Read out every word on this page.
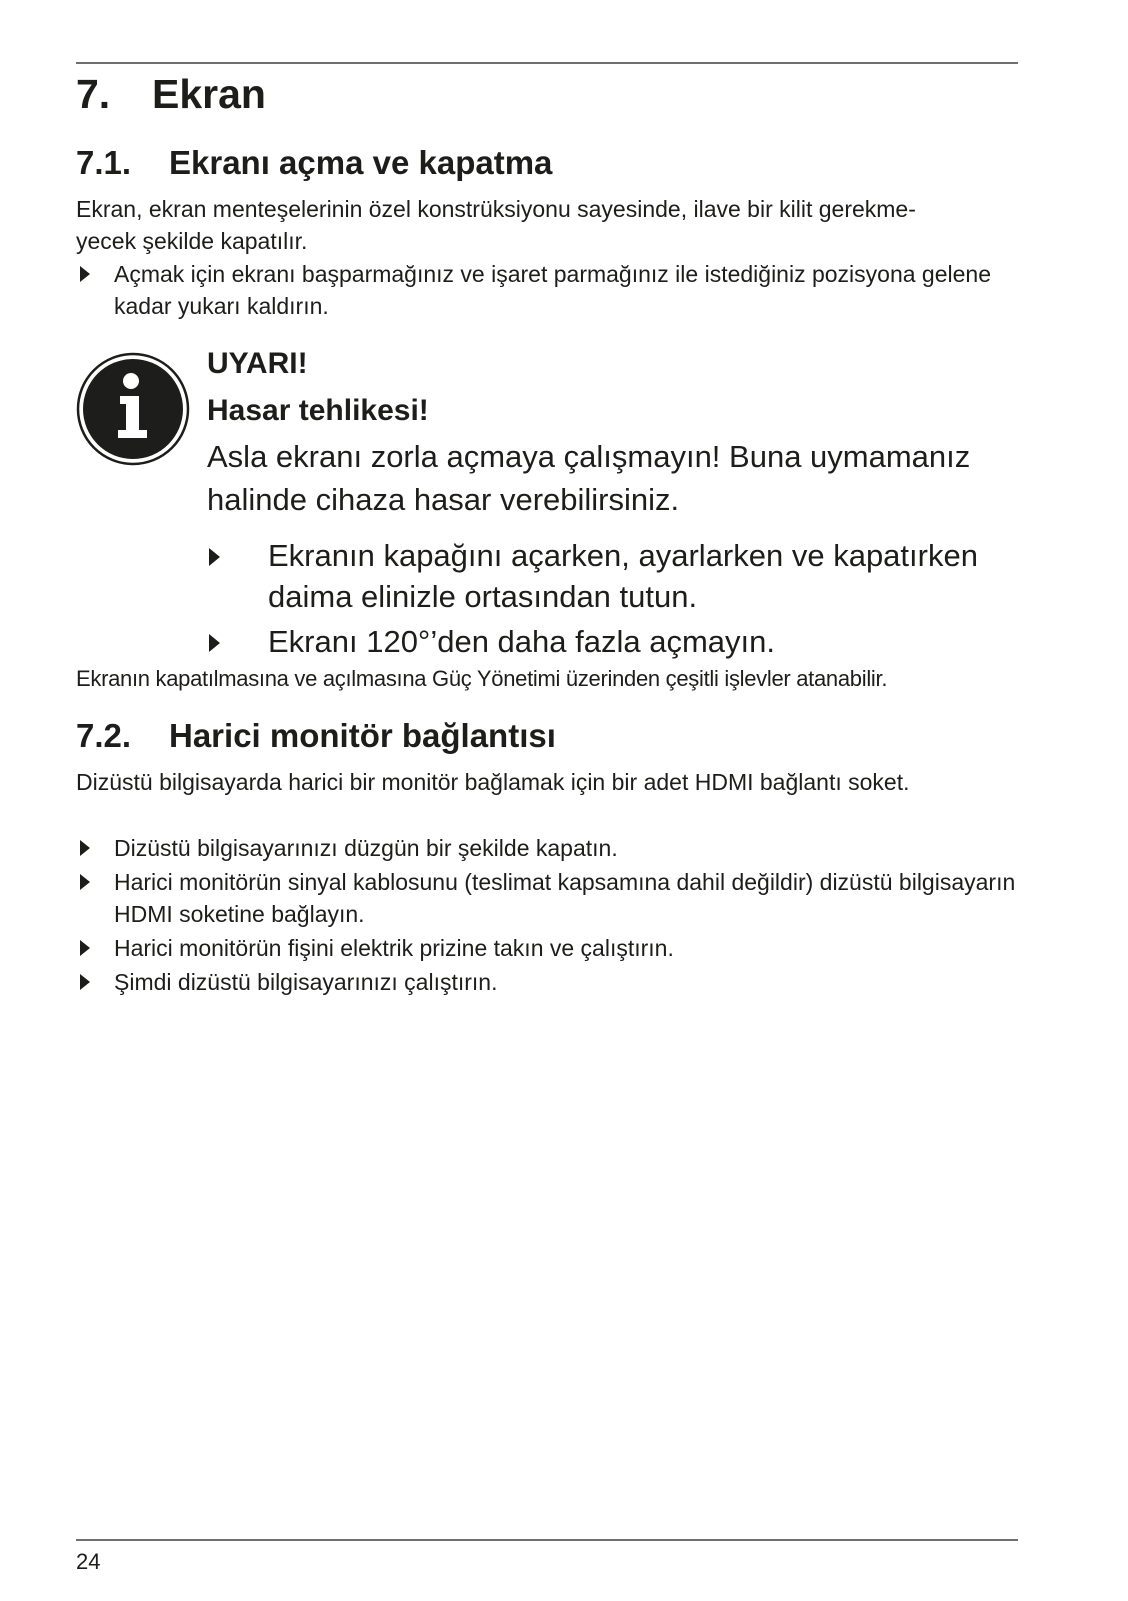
7. Ekran
7.1. Ekranı açma ve kapatma

Ekran, ekran menteşelerinin özel konstrüksiyonu sayesinde, ilave bir kilit gerekme-
yecek şekilde kapatılır.

Açmak için ekranı başparmağınız ve işaret parmağınız ile istediğiniz pozisyona gelene kadar yukarı kaldırın.
UYARI!
Hasar tehlikesi!

Asla ekranı zorla açmaya çalışmayın! Buna uymamanız halinde cihaza hasar verebilirsiniz.

Ekranın kapağını açarken, ayarlarken ve kapatırken daima elinizle ortasından tutun.
Ekranı 120°’den daha fazla açmayın.

Ekranın kapatılmasına ve açılmasına Güç Yönetimi üzerinden çeşitli işlevler atanabilir.

7.2. Harici monitör bağlantısı

Dizüstü bilgisayarda harici bir monitör bağlamak için bir adet HDMI bağlantı soket.

Dizüstü bilgisayarınızı düzgün bir şekilde kapatın.
Harici monitörün sinyal kablosunu (teslimat kapsamına dahil değildir) dizüstü bilgisayarın HDMI soketine bağlayın.
Harici monitörün fişini elektrik prizine takın ve çalıştırın.
Şimdi dizüstü bilgisayarınızı çalıştırın.
24
